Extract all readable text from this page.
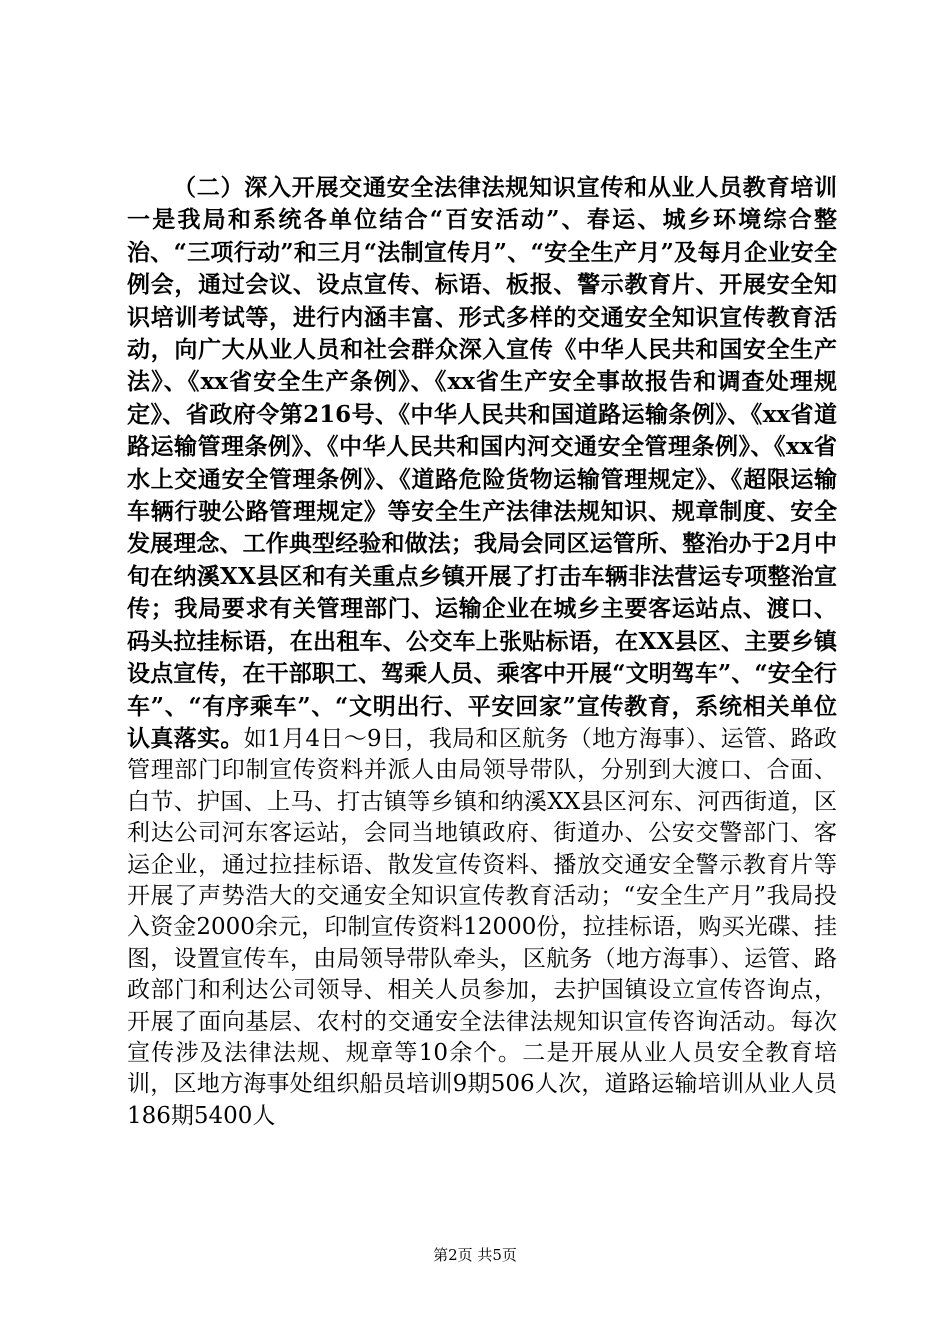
（二）深入开展交通安全法律法规知识宣传和从业人员教育培训一是我局和系统各单位结合“百安活动”、春运、城乡环境综合整治、“三项行动”和三月“法制宣传月”、“安全生产月”及每月企业安全例会，通过会议、设点宣传、标语、板报、警示教育片、开展安全知识培训考试等，进行内涵丰富、形式多样的交通安全知识宣传教育活动，向广大从业人员和社会群众深入宣传《中华人民共和国安全生产法》、《xx省安全生产条例》、《xx省生产安全事故报告和调查处理规定》、省政府令第216号、《中华人民共和国道路运输条例》、《xx省道路运输管理条例》、《中华人民共和国内河交通安全管理条例》、《xx省水上交通安全管理条例》、《道路危险货物运输管理规定》、《超限运输车辆行驶公路管理规定》等安全生产法律法规知识、规章制度、安全发展理念、工作典型经验和做法；我局会同区运管所、整治办于2月中旬在纳溪XX县区和有关重点乡镇开展了打击车辆非法营运专项整治宣传；我局要求有关管理部门、运输企业在城乡主要客运站点、渡口、码头拉挂标语，在出租车、公交车上张贴标语，在XX县区、主要乡镇设点宣传，在干部职工、驾乘人员、乘客中开展“文明驾车”、“安全行车”、“有序乘车”、“文明出行、平安回家”宣传教育，系统相关单位认真落实。如1月4日～9日，我局和区航务（地方海事）、运管、路政管理部门印制宣传资料并派人由局领导带队，分别到大渡口、合面、白节、护国、上马、打古镇等乡镇和纳溪XX县区河东、河西街道，区利达公司河东客运站，会同当地镇政府、街道办、公安交警部门、客运企业，通过拉挂标语、散发宣传资料、播放交通安全警示教育片等开展了声势浩大的交通安全知识宣传教育活动；“安全生产月”我局投入资金2000余元，印制宣传资料12000份，拉挂标语，购买光碟、挂图，设置宣传车，由局领导带队牵头，区航务（地方海事）、运管、路政部门和利达公司领导、相关人员参加，去护国镇设立宣传咨询点，开展了面向基层、农村的交通安全法律法规知识宣传咨询活动。每次宣传涉及法律法规、规章等10余个。二是开展从业人员安全教育培训，区地方海事处组织船员培训9期506人次，道路运输培训从业人员186期5400人

第2页 共5页
